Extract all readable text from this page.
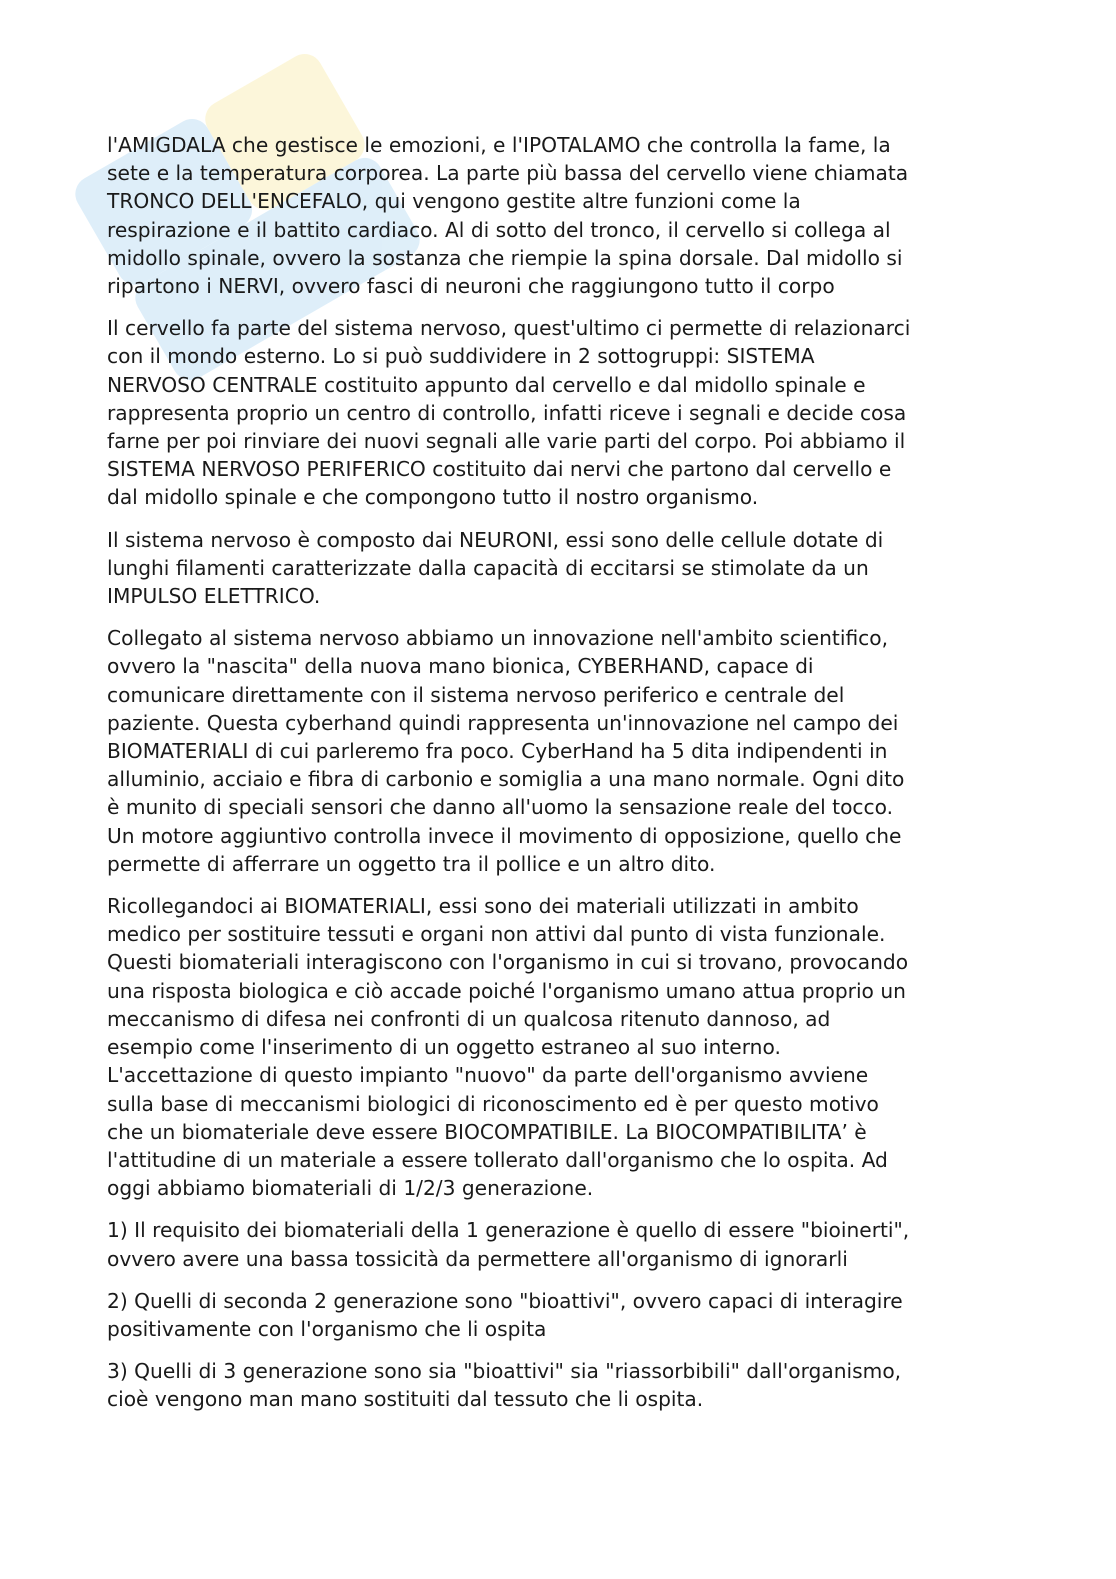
l'AMIGDALA che gestisce le emozioni, e l'IPOTALAMO che controlla la fame, la
sete e la temperatura corporea. La parte più bassa del cervello viene chiamata
TRONCO DELL'ENCEFALO, qui vengono gestite altre funzioni come la
respirazione e il battito cardiaco. Al di sotto del tronco, il cervello si collega al
midollo spinale, ovvero la sostanza che riempie la spina dorsale. Dal midollo si
ripartono i NERVI, ovvero fasci di neuroni che raggiungono tutto il corpo

Il cervello fa parte del sistema nervoso, quest'ultimo ci permette di relazionarci
con il mondo esterno. Lo si può suddividere in 2 sottogruppi: SISTEMA
NERVOSO CENTRALE costituito appunto dal cervello e dal midollo spinale e
rappresenta proprio un centro di controllo, infatti riceve i segnali e decide cosa
farne per poi rinviare dei nuovi segnali alle varie parti del corpo. Poi abbiamo il
SISTEMA NERVOSO PERIFERICO costituito dai nervi che partono dal cervello e
dal midollo spinale e che compongono tutto il nostro organismo.

Il sistema nervoso è composto dai NEURONI, essi sono delle cellule dotate di
lunghi filamenti caratterizzate dalla capacità di eccitarsi se stimolate da un
IMPULSO ELETTRICO.

Collegato al sistema nervoso abbiamo un innovazione nell'ambito scientifico,
ovvero la "nascita" della nuova mano bionica, CYBERHAND, capace di
comunicare direttamente con il sistema nervoso periferico e centrale del
paziente. Questa cyberhand quindi rappresenta un'innovazione nel campo dei
BIOMATERIALI di cui parleremo fra poco. CyberHand ha 5 dita indipendenti in
alluminio, acciaio e fibra di carbonio e somiglia a una mano normale. Ogni dito
è munito di speciali sensori che danno all'uomo la sensazione reale del tocco.
Un motore aggiuntivo controlla invece il movimento di opposizione, quello che
permette di afferrare un oggetto tra il pollice e un altro dito.

Ricollegandoci ai BIOMATERIALI, essi sono dei materiali utilizzati in ambito
medico per sostituire tessuti e organi non attivi dal punto di vista funzionale.
Questi biomateriali interagiscono con l'organismo in cui si trovano, provocando
una risposta biologica e ciò accade poiché l'organismo umano attua proprio un
meccanismo di difesa nei confronti di un qualcosa ritenuto dannoso, ad
esempio come l'inserimento di un oggetto estraneo al suo interno.
L'accettazione di questo impianto "nuovo" da parte dell'organismo avviene
sulla base di meccanismi biologici di riconoscimento ed è per questo motivo
che un biomateriale deve essere BIOCOMPATIBILE. La BIOCOMPATIBILITA’ è
l'attitudine di un materiale a essere tollerato dall'organismo che lo ospita. Ad
oggi abbiamo biomateriali di 1/2/3 generazione.

1) Il requisito dei biomateriali della 1 generazione è quello di essere "bioinerti",
ovvero avere una bassa tossicità da permettere all'organismo di ignorarli

2) Quelli di seconda 2 generazione sono "bioattivi", ovvero capaci di interagire
positivamente con l'organismo che li ospita

3) Quelli di 3 generazione sono sia "bioattivi" sia "riassorbibili" dall'organismo,
cioè vengono man mano sostituiti dal tessuto che li ospita.
